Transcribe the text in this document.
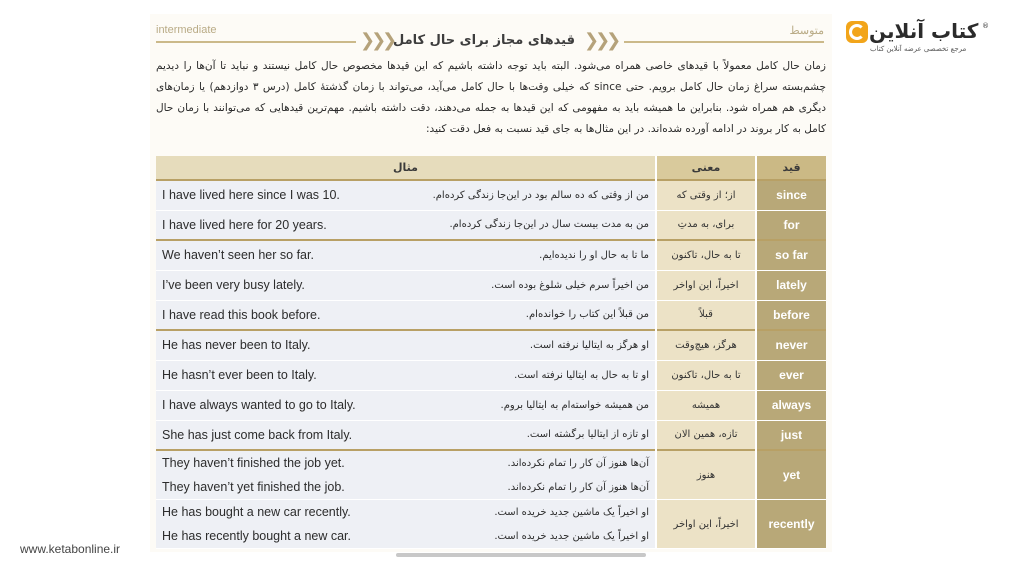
intermediate	متوسط
❯❯❯	❯❯❯
قیدهای مجاز برای حال کامل

زمان حال کامل معمولاً با قیدهای خاصی همراه می‌شود. البته باید توجه داشته باشیم که این قیدها مخصوص حال کامل نیستند و نباید تا آن‌ها را دیدیم چشم‌بسته سراغ زمان حال کامل برویم. حتی since که خیلی وقت‌ها با حال کامل می‌آید، می‌تواند با زمان گذشتهٔ کامل (درس ۳ دوازدهم) یا زمان‌های دیگری هم همراه شود. بنابراین ما همیشه باید به مفهومی که این قیدها به جمله می‌دهند، دقت داشته باشیم. مهم‌ترین قیدهایی که می‌توانند با زمان حال کامل به کار بروند در ادامه آورده شده‌اند. در این مثال‌ها به جای قید نسبت به فعل دقت کنید:

مثال	معنی	قید

I have lived here since I was 10. من از وقتی که ده سالم بود در این‌جا زندگی کرده‌ام.	از؛ از وقتی که	since

I have lived here for 20 years. من به مدت بیست سال در این‌جا زندگی کرده‌ام.	برای، به مدتِ	for

We haven’t seen her so far. ما تا به حال او را ندیده‌ایم.	تا به حال، تاکنون	so far

I’ve been very busy lately. من اخیراً سرم خیلی شلوغ بوده است.	اخیراً، این اواخر	lately

I have read this book before. من قبلاً این کتاب را خوانده‌ام.	قبلاً	before

He has never been to Italy. او هرگز به ایتالیا نرفته است.	هرگز، هیچ‌وقت	never

He hasn’t ever been to Italy. او تا به حال به ایتالیا نرفته است.	تا به حال، تاکنون	ever

I have always wanted to go to Italy. من همیشه خواسته‌ام به ایتالیا بروم.	همیشه	always

She has just come back from Italy. او تازه از ایتالیا برگشته است.	تازه، همین الان	just

They haven’t finished the job yet. آن‌ها هنوز آن کار را تمام نکرده‌اند.
They haven’t yet finished the job. آن‌ها هنوز آن کار را تمام نکرده‌اند.	هنوز	yet

He has bought a new car recently. او اخیراً یک ماشین جدید خریده است.
He has recently bought a new car. او اخیراً یک ماشین جدید خریده است.	اخیراً، این اواخر	recently
کتاب آنلاین ®
مرجع تخصصی عرضه آنلاین کتاب
www.ketabonline.ir
